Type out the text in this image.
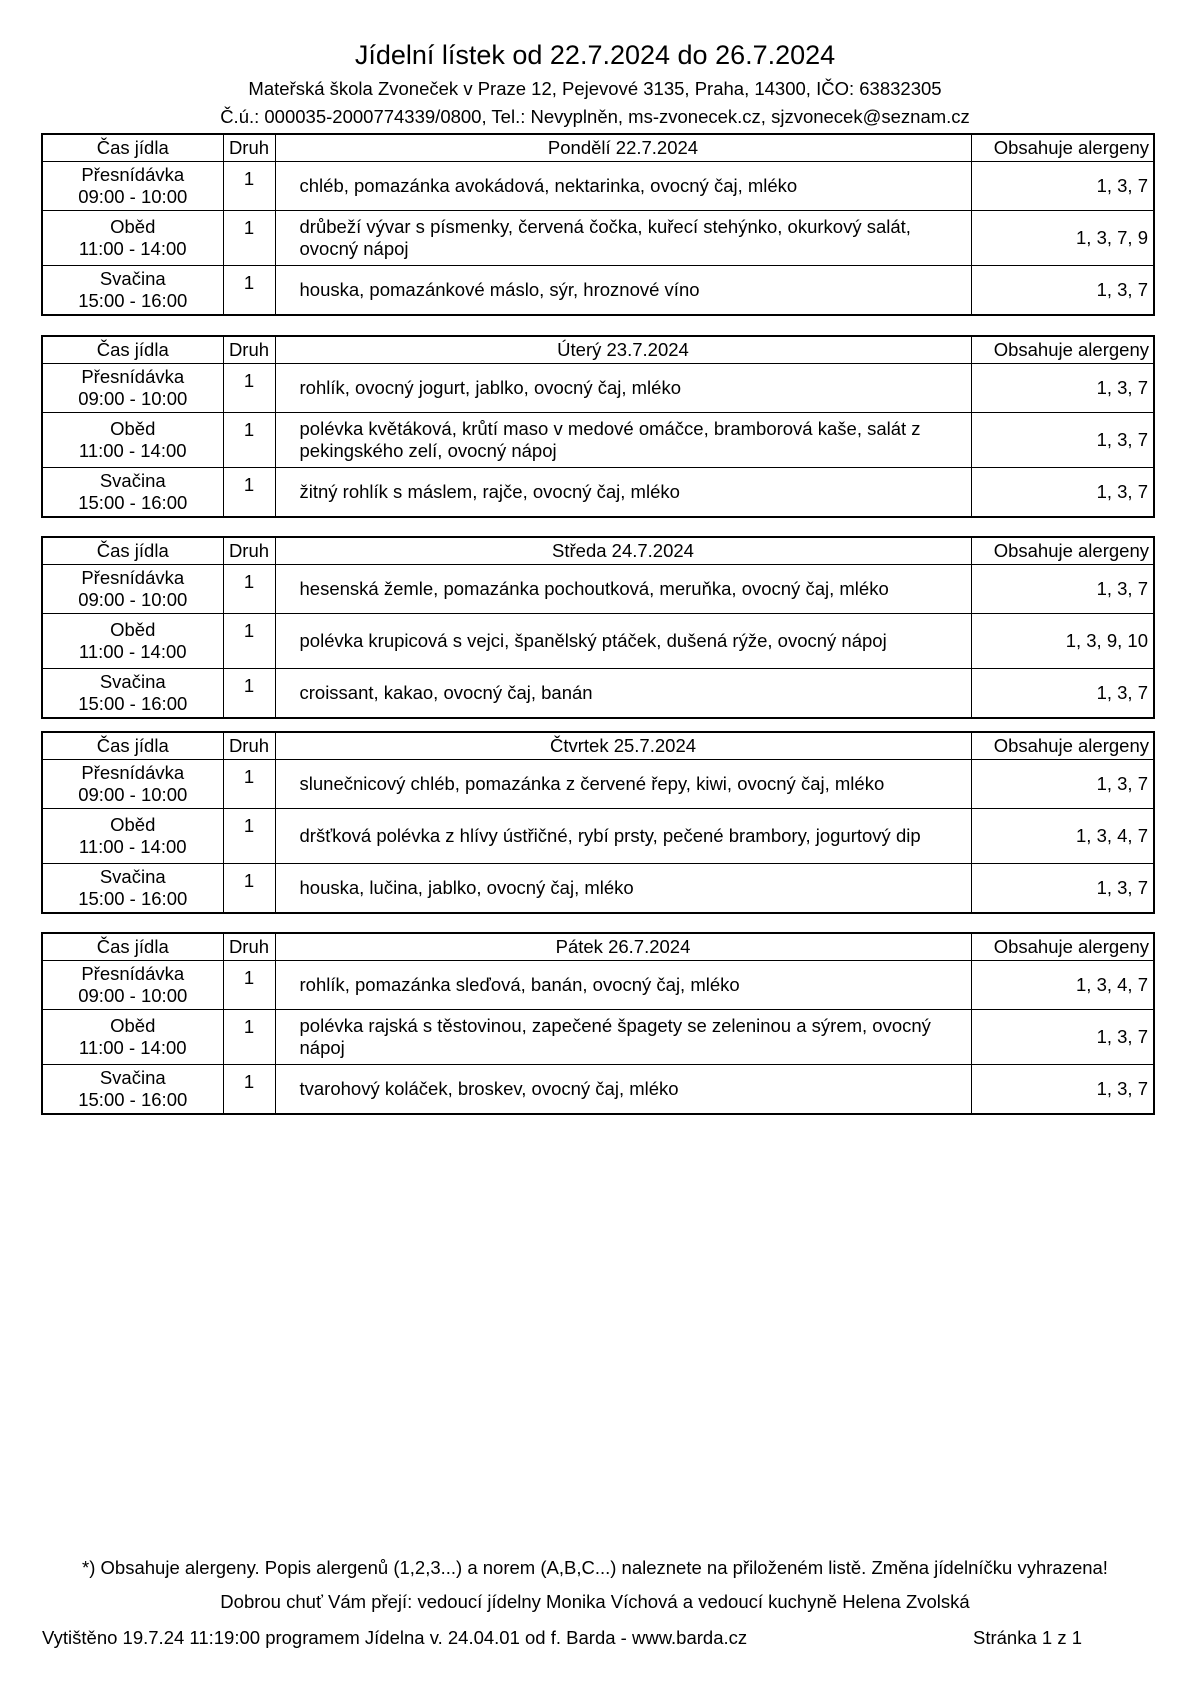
Jídelní lístek od 22.7.2024 do 26.7.2024
Mateřská škola Zvoneček v Praze 12, Pejevové 3135, Praha, 14300, IČO: 63832305
Č.ú.: 000035-2000774339/0800, Tel.: Nevyplněn, ms-zvonecek.cz, sjzvonecek@seznam.cz
Čas jídla	Druh	Pondělí 22.7.2024	Obsahuje alergeny

Přesnídávka
09:00 - 10:00	1	chléb, pomazánka avokádová, nektarinka, ovocný čaj, mléko	1, 3, 7

Oběd
11:00 - 14:00	1	drůbeží vývar s písmenky, červená čočka, kuřecí stehýnko, okurkový salát, ovocný nápoj	1, 3, 7, 9

Svačina
15:00 - 16:00	1	houska, pomazánkové máslo, sýr, hroznové víno	1, 3, 7
Čas jídla	Druh	Úterý 23.7.2024	Obsahuje alergeny

Přesnídávka
09:00 - 10:00	1	rohlík, ovocný jogurt, jablko, ovocný čaj, mléko	1, 3, 7

Oběd
11:00 - 14:00	1	polévka květáková, krůtí maso v medové omáčce, bramborová kaše, salát z pekingského zelí, ovocný nápoj	1, 3, 7

Svačina
15:00 - 16:00	1	žitný rohlík s máslem, rajče, ovocný čaj, mléko	1, 3, 7
Čas jídla	Druh	Středa 24.7.2024	Obsahuje alergeny

Přesnídávka
09:00 - 10:00	1	hesenská žemle, pomazánka pochoutková, meruňka, ovocný čaj, mléko	1, 3, 7

Oběd
11:00 - 14:00	1	polévka krupicová s vejci, španělský ptáček, dušená rýže, ovocný nápoj	1, 3, 9, 10

Svačina
15:00 - 16:00	1	croissant, kakao, ovocný čaj, banán	1, 3, 7
Čas jídla	Druh	Čtvrtek 25.7.2024	Obsahuje alergeny

Přesnídávka
09:00 - 10:00	1	slunečnicový chléb, pomazánka z červené řepy, kiwi, ovocný čaj, mléko	1, 3, 7

Oběd
11:00 - 14:00	1	dršťková polévka z hlívy ústřičné, rybí prsty, pečené brambory, jogurtový dip	1, 3, 4, 7

Svačina
15:00 - 16:00	1	houska, lučina, jablko, ovocný čaj, mléko	1, 3, 7
Čas jídla	Druh	Pátek 26.7.2024	Obsahuje alergeny

Přesnídávka
09:00 - 10:00	1	rohlík, pomazánka sleďová, banán, ovocný čaj, mléko	1, 3, 4, 7

Oběd
11:00 - 14:00	1	polévka rajská s těstovinou, zapečené špagety se zeleninou a sýrem, ovocný nápoj	1, 3, 7

Svačina
15:00 - 16:00	1	tvarohový koláček, broskev, ovocný čaj, mléko	1, 3, 7
*) Obsahuje alergeny. Popis alergenů (1,2,3...) a norem (A,B,C...) naleznete na přiloženém listě. Změna jídelníčku vyhrazena!
Dobrou chuť Vám přejí: vedoucí jídelny Monika Víchová a vedoucí kuchyně Helena Zvolská
Vytištěno 19.7.24 11:19:00 programem Jídelna v. 24.04.01 od f. Barda - www.barda.cz	Stránka 1 z 1
